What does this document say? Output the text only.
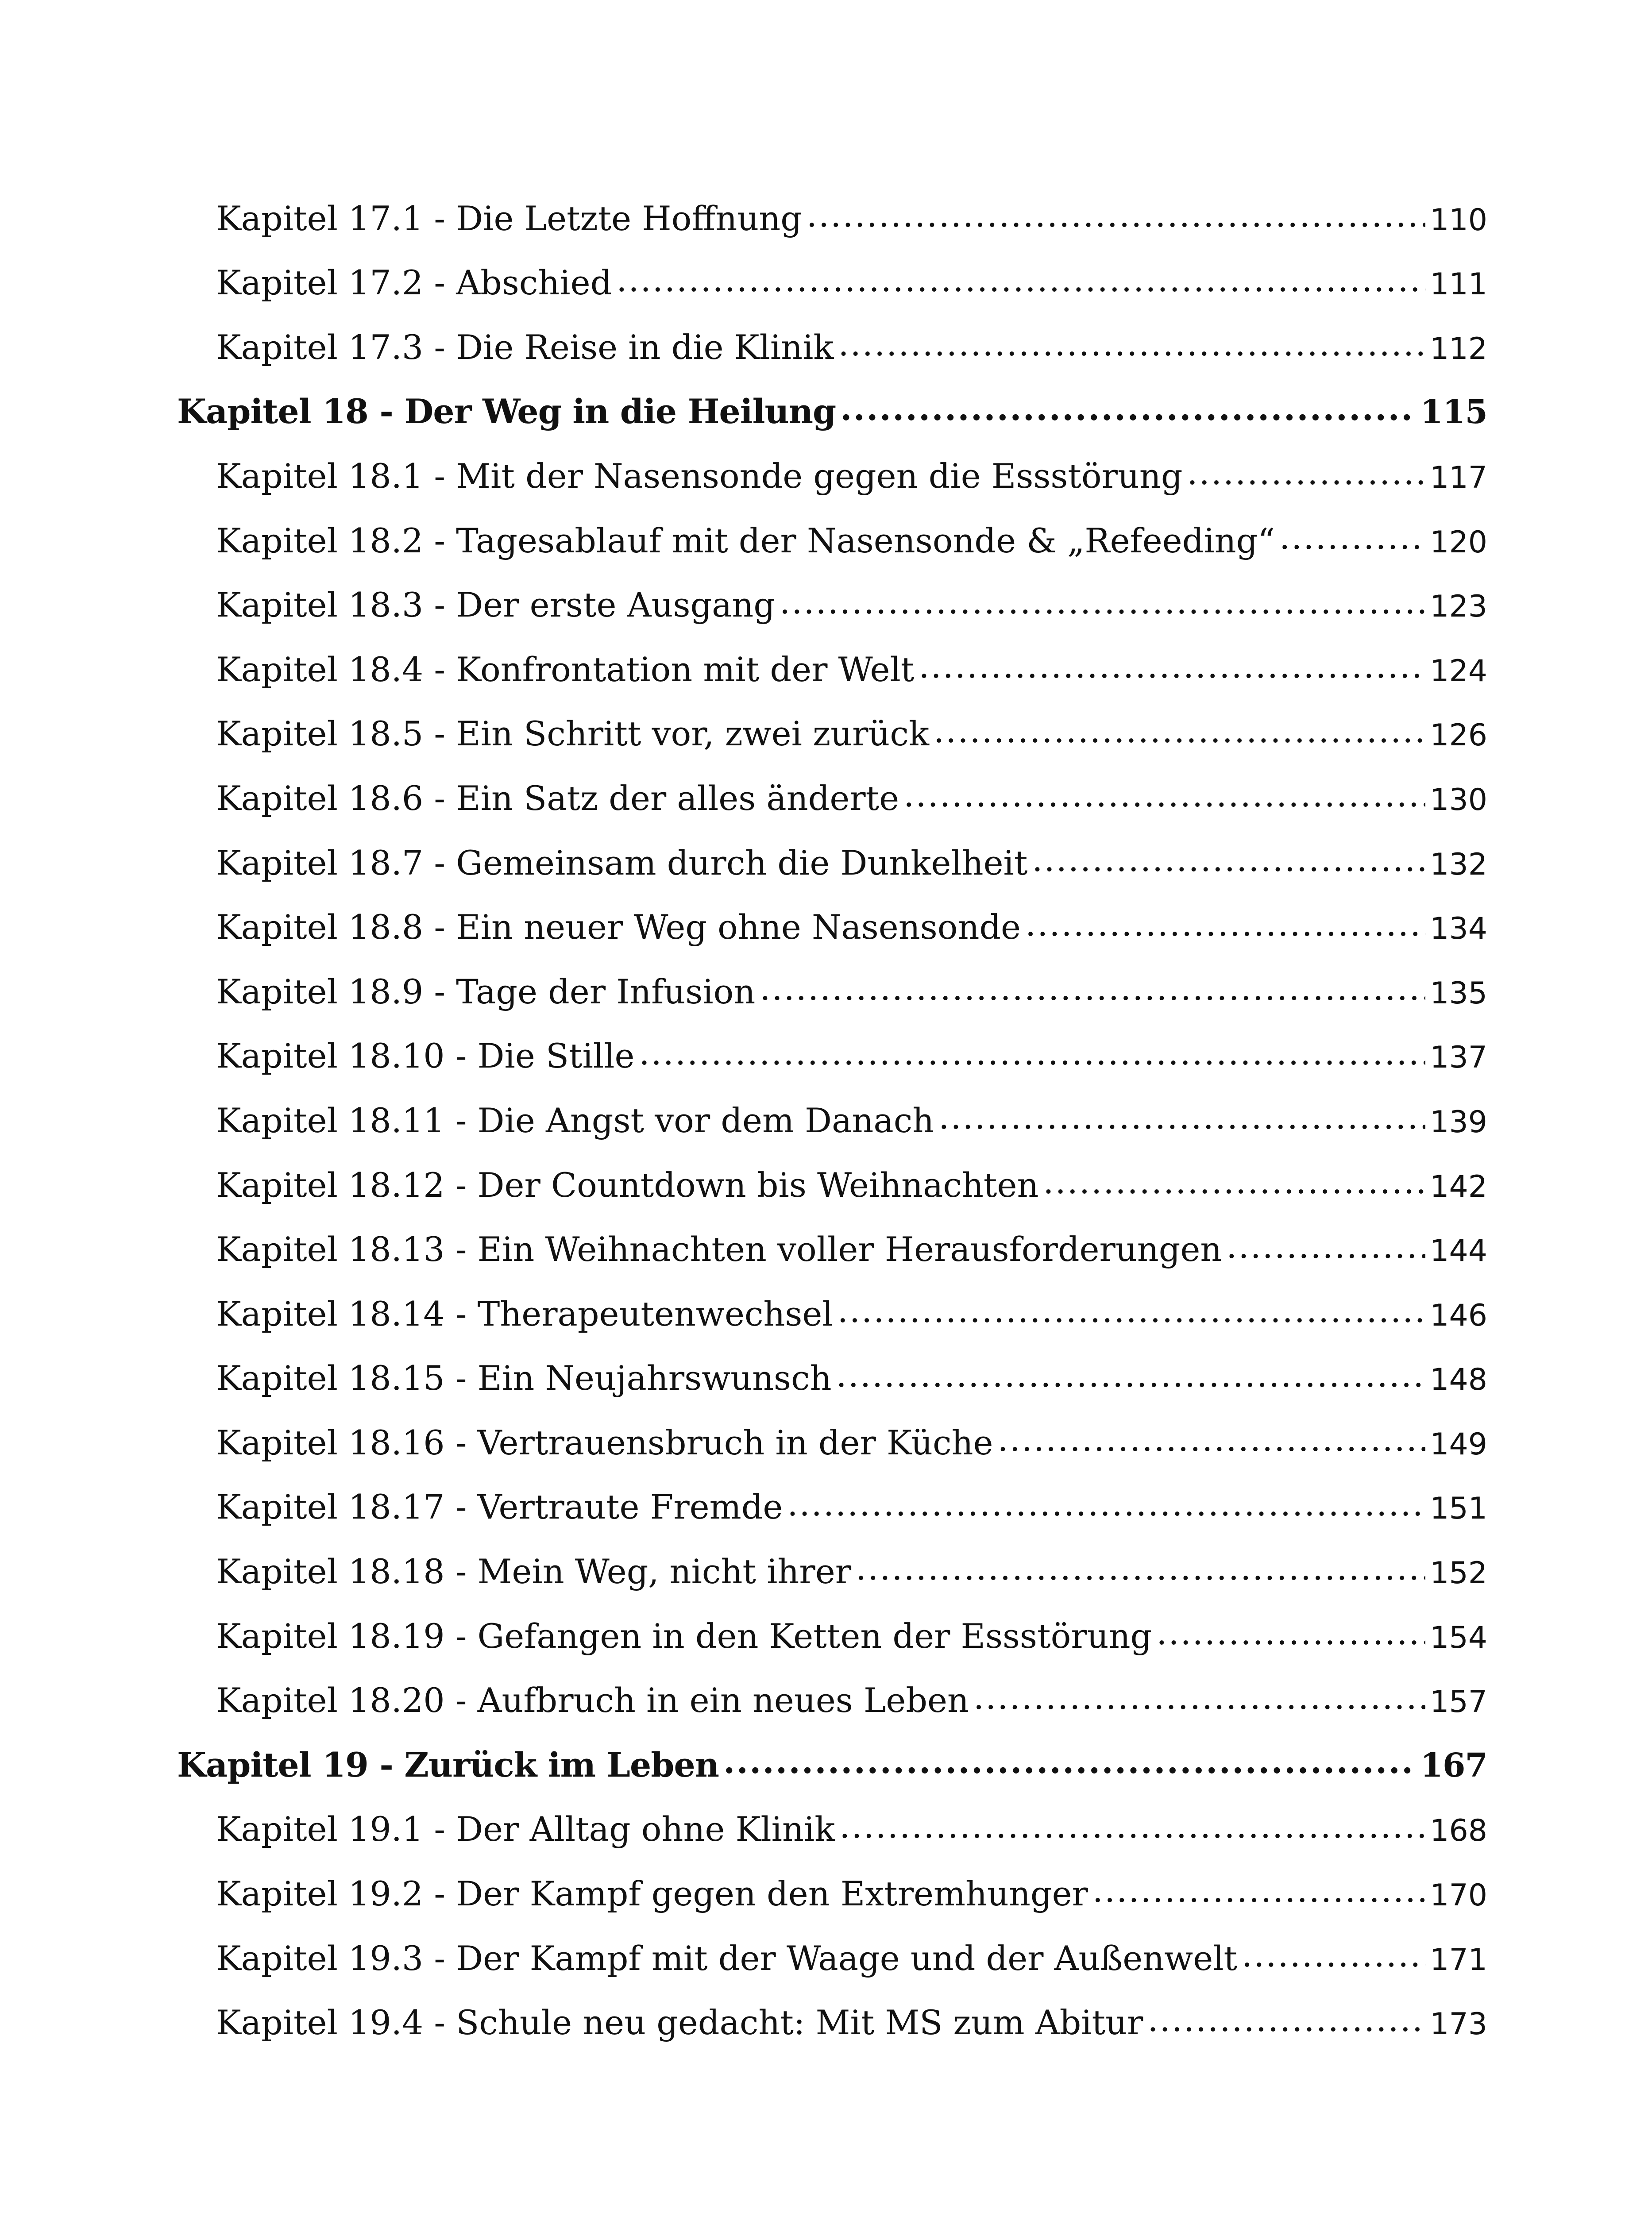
Kapitel 17.1 - Die Letzte Hoffnung .....	110
Kapitel 17.2 - Abschied .....	111
Kapitel 17.3 - Die Reise in die Klinik .....	112
Kapitel 18 - Der Weg in die Heilung .....	115
Kapitel 18.1 - Mit der Nasensonde gegen die Essstörung .....	117
Kapitel 18.2 - Tagesablauf mit der Nasensonde & „Refeeding“ .....	120
Kapitel 18.3 - Der erste Ausgang .....	123
Kapitel 18.4 - Konfrontation mit der Welt .....	124
Kapitel 18.5 - Ein Schritt vor, zwei zurück .....	126
Kapitel 18.6 - Ein Satz der alles änderte .....	130
Kapitel 18.7 - Gemeinsam durch die Dunkelheit .....	132
Kapitel 18.8 - Ein neuer Weg ohne Nasensonde .....	134
Kapitel 18.9 - Tage der Infusion .....	135
Kapitel 18.10 - Die Stille .....	137
Kapitel 18.11 - Die Angst vor dem Danach .....	139
Kapitel 18.12 - Der Countdown bis Weihnachten .....	142
Kapitel 18.13 - Ein Weihnachten voller Herausforderungen .....	144
Kapitel 18.14 - Therapeutenwechsel .....	146
Kapitel 18.15 - Ein Neujahrswunsch .....	148
Kapitel 18.16 - Vertrauensbruch in der Küche .....	149
Kapitel 18.17 - Vertraute Fremde .....	151
Kapitel 18.18 - Mein Weg, nicht ihrer .....	152
Kapitel 18.19 - Gefangen in den Ketten der Essstörung .....	154
Kapitel 18.20 - Aufbruch in ein neues Leben .....	157
Kapitel 19 - Zurück im Leben .....	167
Kapitel 19.1 - Der Alltag ohne Klinik .....	168
Kapitel 19.2 - Der Kampf gegen den Extremhunger .....	170
Kapitel 19.3 - Der Kampf mit der Waage und der Außenwelt .....	171
Kapitel 19.4 - Schule neu gedacht: Mit MS zum Abitur .....	173
